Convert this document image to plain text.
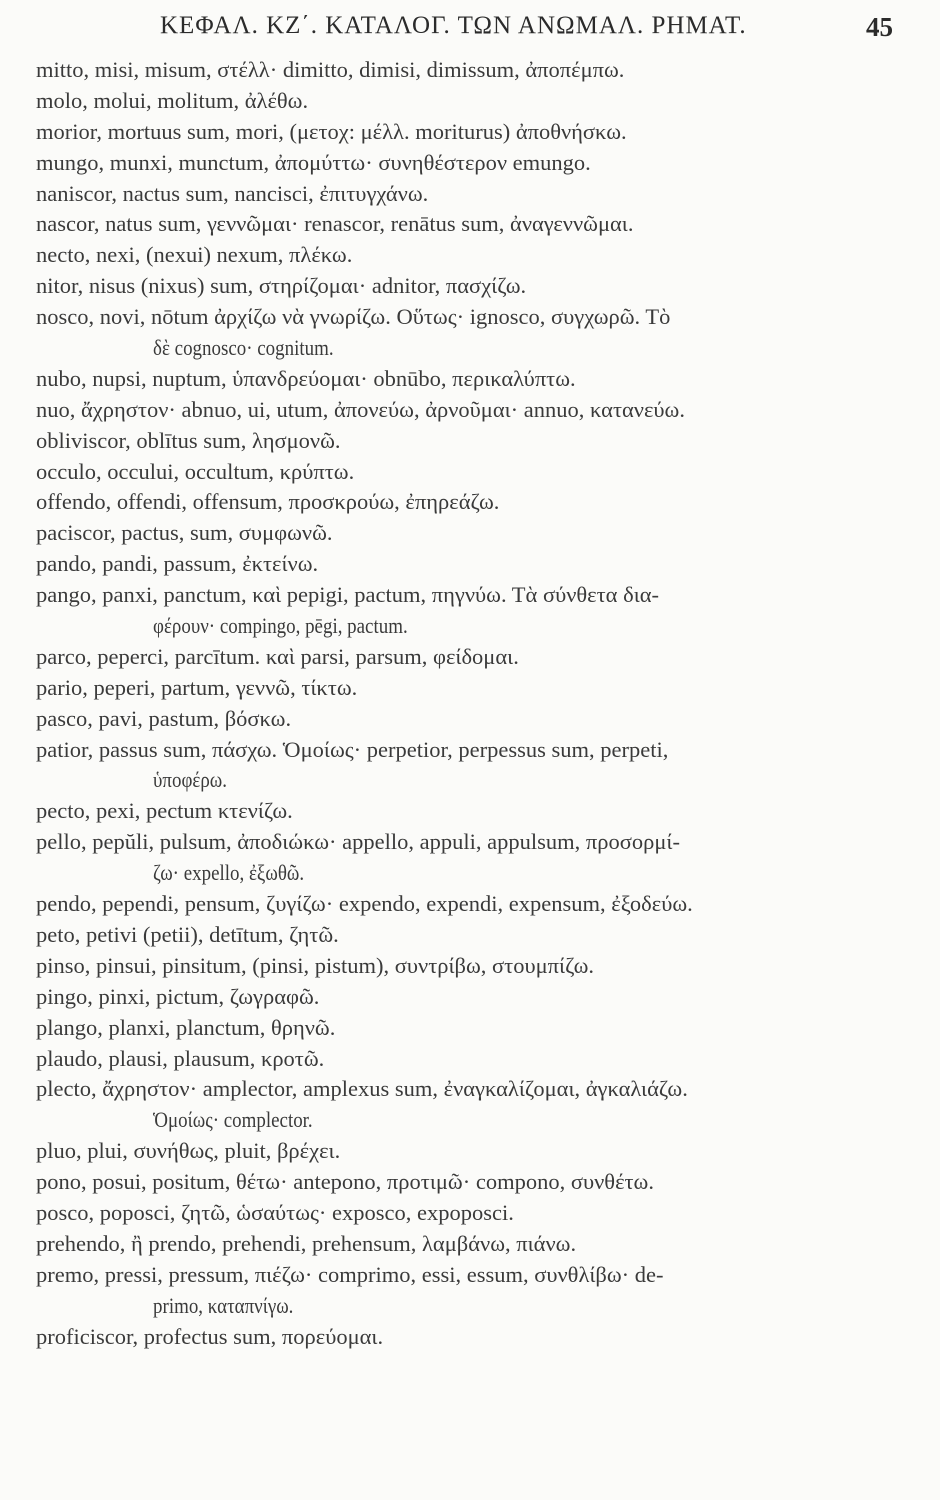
ΚΕΦΑΛ. ΚΖ΄. ΚΑΤΑΛΟΓ. ΤΩΝ ΑΝΩΜΑΛ. ΡΗΜΑΤ.	45
mitto, misi, misum, στέλλ· dimitto, dimisi, dimissum, ἀποπέμπω.
molo, molui, molitum, ἀλέθω.
morior, mortuus sum, mori, (μετοχ: μέλλ. moriturus) ἀποθνήσκω.
mungo, munxi, munctum, ἀπομύττω· συνηθέστερον emungo.
naniscor, nactus sum, nancisci, ἐπιτυγχάνω.
nascor, natus sum, γεννῶμαι· renascor, renātus sum, ἀναγεννῶμαι.
necto, nexi, (nexui) nexum, πλέκω.
nitor, nisus (nixus) sum, στηρίζομαι· adnitor, πασχίζω.
nosco, novi, nōtum ἀρχίζω νὰ γνωρίζω. Οὕτως· ignosco, συγχωρῶ. Τὸ
δὲ cognosco· cognitum.
nubo, nupsi, nuptum, ὑπανδρεύομαι· obnūbo, περικαλύπτω.
nuo, ἄχρηστον· abnuo, ui, utum, ἀπονεύω, ἀρνοῦμαι· annuo, κατανεύω.
obliviscor, oblītus sum, λησμονῶ.
occulo, occului, occultum, κρύπτω.
offendo, offendi, offensum, προσκρούω, ἐπηρεάζω.
paciscor, pactus, sum, συμφωνῶ.
pando, pandi, passum, ἐκτείνω.
pango, panxi, panctum, καὶ pepigi, pactum, πηγνύω. Τὰ σύνθετα δια-
φέρουν· compingo, pēgi, pactum.
parco, peperci, parcītum. καὶ parsi, parsum, φείδομαι.
pario, peperi, partum, γεννῶ, τίκτω.
pasco, pavi, pastum, βόσκω.
patior, passus sum, πάσχω. Ὁμοίως· perpetior, perpessus sum, perpeti,
ὑποφέρω.
pecto, pexi, pectum κτενίζω.
pello, pepŭli, pulsum, ἀποδιώκω· appello, appuli, appulsum, προσορμί-
ζω· expello, ἐξωθῶ.
pendo, pependi, pensum, ζυγίζω· expendo, expendi, expensum, ἐξοδεύω.
peto, petivi (petii), detītum, ζητῶ.
pinso, pinsui, pinsitum, (pinsi, pistum), συντρίβω, στουμπίζω.
pingo, pinxi, pictum, ζωγραφῶ.
plango, planxi, planctum, θρηνῶ.
plaudo, plausi, plausum, κροτῶ.
plecto, ἄχρηστον· amplector, amplexus sum, ἐναγκαλίζομαι, ἀγκαλιάζω.
Ὁμοίως· complector.
pluo, plui, συνήθως, pluit, βρέχει.
pono, posui, positum, θέτω· antepono, προτιμῶ· compono, συνθέτω.
posco, poposci, ζητῶ, ὡσαύτως· exposco, expoposci.
prehendo, ἢ prendo, prehendi, prehensum, λαμβάνω, πιάνω.
premo, pressi, pressum, πιέζω· comprimo, essi, essum, συνθλίβω· de-
primo, καταπνίγω.
proficiscor, profectus sum, πορεύομαι.
